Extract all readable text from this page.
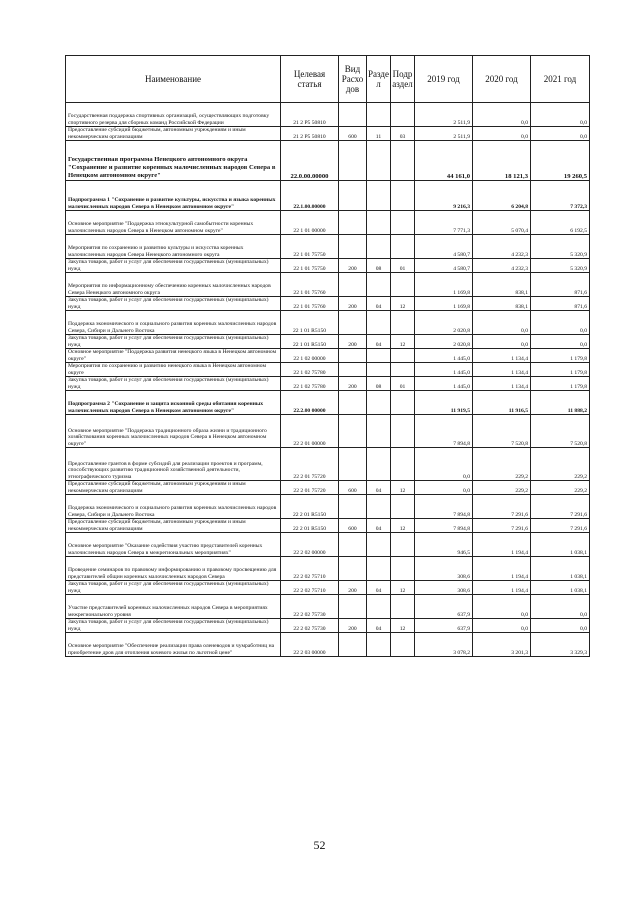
Наименование	Целевая статья	Вид Расхо дов	Разде л	Подр аздел	2019 год	2020 год	2021 год
Государственная поддержка спортивных организаций, осуществляющих подготовку спортивного резерва для сборных команд Российской Федерации	21 2 P5 50810				2 511,9	0,0	0,0
Предоставление субсидий бюджетным, автономным учреждениям и иным некоммерческим организациям	21 2 P5 50810	600	11	03	2 511,9	0,0	0,0
Государственная программа Ненецкого автономного округа "Сохранение и развитие коренных малочисленных народов Севера в Ненецком автономном округе"	22.0.00.00000				44 161,0	18 121,3	19 260,5
Подпрограмма 1 "Сохранение и развитие культуры, искусства и языка коренных малочисленных народов Севера в Ненецком автономном округе"	22.1.00.00000				9 216,3	6 204,8	7 372,3
Основное мероприятие "Поддержка этнокультурной самобытности коренных малочисленных народов Севера в Ненецком автономном округе"	22 1 01 00000				7 771,3	5 070,4	6 192,5
Мероприятия по сохранению и развитию культуры и искусства коренных малочисленных народов Севера Ненецкого автономного округа	22 1 01 75750				4 580,7	4 232,3	5 320,9
Закупка товаров, работ и услуг для обеспечения государственных (муниципальных) нужд	22 1 01 75750	200	08	01	4 580,7	4 232,3	5 320,9
Мероприятия по информационному обеспечению коренных малочисленных народов Севера Ненецкого автономного округа	22 1 01 75760				1 169,8	838,1	871,6
Закупка товаров, работ и услуг для обеспечения государственных (муниципальных) нужд	22 1 01 75760	200	04	12	1 169,8	838,1	871,6
Поддержка экономического и социального развития коренных малочисленных народов Севера, Сибири и Дальнего Востока	22 1 01 R5150				2 020,8	0,0	0,0
Закупка товаров, работ и услуг для обеспечения государственных (муниципальных) нужд	22 1 01 R5150	200	04	12	2 020,8	0,0	0,0
Основное мероприятие "Поддержка развития ненецкого языка в Ненецком автономном округе"	22 1 02 00000				1 445,0	1 134,4	1 179,8
Мероприятия по сохранению и развитию ненецкого языка в Ненецком автономном округе	22 1 02 75780				1 445,0	1 134,4	1 179,8
Закупка товаров, работ и услуг для обеспечения государственных (муниципальных) нужд	22 1 02 75780	200	08	01	1 445,0	1 134,4	1 179,8
Подпрограмма 2 "Сохранение и защита исконной среды обитания коренных малочисленных народов Севера в Ненецком автономном округе"	22.2.00 00000				11 919,5	11 916,5	11 888,2
Основное мероприятие "Поддержка традиционного образа жизни и традиционного хозяйствования коренных малочисленных народов Севера в Ненецком автономном округе"	22 2 01 00000				7 894,8	7 520,8	7 520,8
Предоставление грантов в форме субсидий для реализации проектов и программ, способствующих развитию традиционной хозяйственной деятельности, этнографического туризма	22 2 01 75720				0,0	229,2	229,2
Предоставление субсидий бюджетным, автономным учреждениям и иным некоммерческим организациям	22 2 01 75720	600	04	12	0,0	229,2	229,2
Поддержка экономического и социального развития коренных малочисленных народов Севера, Сибири и Дальнего Востока	22 2 01 R5150				7 894,8	7 291,6	7 291,6
Предоставление субсидий бюджетным, автономным учреждениям и иным некоммерческим организациям	22 2 01 R5150	600	04	12	7 894,8	7 291,6	7 291,6
Основное мероприятие "Оказание содействия участию представителей коренных малочисленных народов Севера в межрегиональных мероприятиях"	22 2 02 00000				946,5	1 194,4	1 038,1
Проведение семинаров по правовому информированию и правовому просвещению для представителей общин коренных малочисленных народов Севера	22 2 02 75710				308,6	1 194,4	1 038,1
Закупка товаров, работ и услуг для обеспечения государственных (муниципальных) нужд	22 2 02 75710	200	04	12	308,6	1 194,4	1 038,1
Участие представителей коренных малочисленных народов Севера в мероприятиях межрегионального уровня	22 2 02 75730				637,9	0,0	0,0
Закупка товаров, работ и услуг для обеспечения государственных (муниципальных) нужд	22 2 02 75730	200	04	12	637,9	0,0	0,0
Основное мероприятие "Обеспечение реализации права оленеводов и чумработниц на приобретение дров для отопления кочевого жилья по льготной цене"	22 2 03 00000				3 078,2	3 201,3	3 329,3
52
